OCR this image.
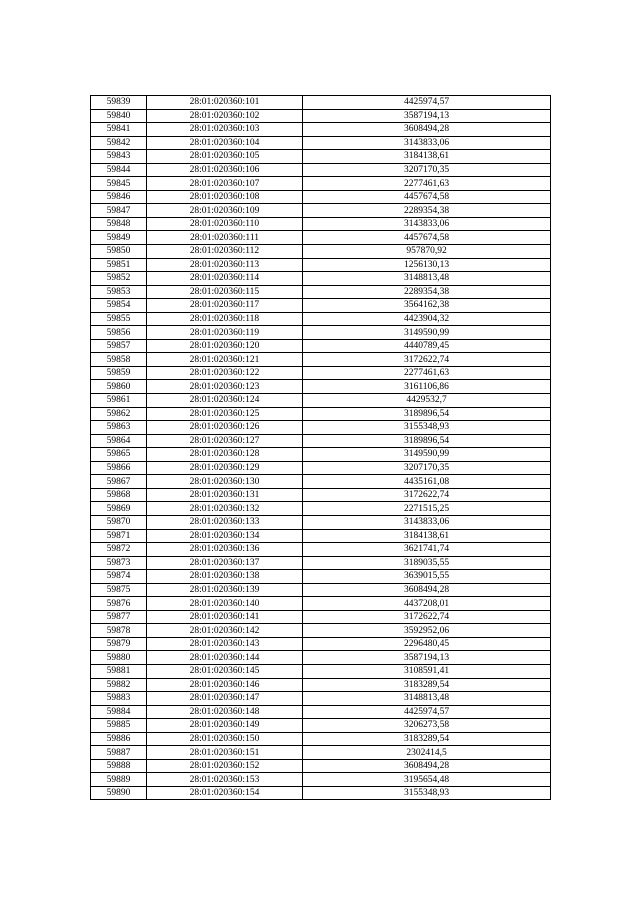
59839	28:01:020360:101	4425974,57
59840	28:01:020360:102	3587194,13
59841	28:01:020360:103	3608494,28
59842	28:01:020360:104	3143833,06
59843	28:01:020360:105	3184138,61
59844	28:01:020360:106	3207170,35
59845	28:01:020360:107	2277461,63
59846	28:01:020360:108	4457674,58
59847	28:01:020360:109	2289354,38
59848	28:01:020360:110	3143833,06
59849	28:01:020360:111	4457674,58
59850	28:01:020360:112	957870,92
59851	28:01:020360:113	1256130,13
59852	28:01:020360:114	3148813,48
59853	28:01:020360:115	2289354,38
59854	28:01:020360:117	3564162,38
59855	28:01:020360:118	4423904,32
59856	28:01:020360:119	3149590,99
59857	28:01:020360:120	4440789,45
59858	28:01:020360:121	3172622,74
59859	28:01:020360:122	2277461,63
59860	28:01:020360:123	3161106,86
59861	28:01:020360:124	4429532,7
59862	28:01:020360:125	3189896,54
59863	28:01:020360:126	3155348,93
59864	28:01:020360:127	3189896,54
59865	28:01:020360:128	3149590,99
59866	28:01:020360:129	3207170,35
59867	28:01:020360:130	4435161,08
59868	28:01:020360:131	3172622,74
59869	28:01:020360:132	2271515,25
59870	28:01:020360:133	3143833,06
59871	28:01:020360:134	3184138,61
59872	28:01:020360:136	3621741,74
59873	28:01:020360:137	3189035,55
59874	28:01:020360:138	3639015,55
59875	28:01:020360:139	3608494,28
59876	28:01:020360:140	4437208,01
59877	28:01:020360:141	3172622,74
59878	28:01:020360:142	3592952,06
59879	28:01:020360:143	2296480,45
59880	28:01:020360:144	3587194,13
59881	28:01:020360:145	3108591,41
59882	28:01:020360:146	3183289,54
59883	28:01:020360:147	3148813,48
59884	28:01:020360:148	4425974,57
59885	28:01:020360:149	3206273,58
59886	28:01:020360:150	3183289,54
59887	28:01:020360:151	2302414,5
59888	28:01:020360:152	3608494,28
59889	28:01:020360:153	3195654,48
59890	28:01:020360:154	3155348,93
